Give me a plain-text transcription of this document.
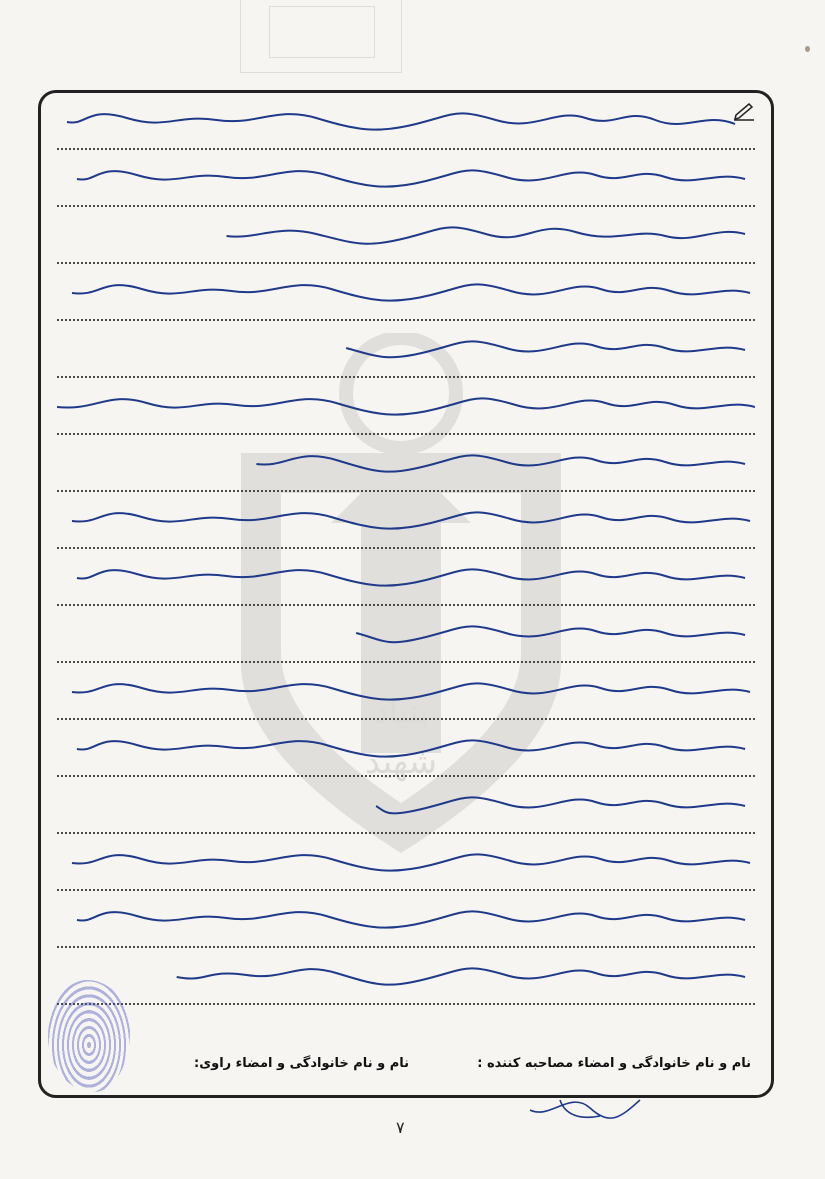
بنیاد
شهید
نام و نام خانوادگی و امضاء مصاحبه کننده :
نام و نام خانوادگی و امضاء راوی:
۷
